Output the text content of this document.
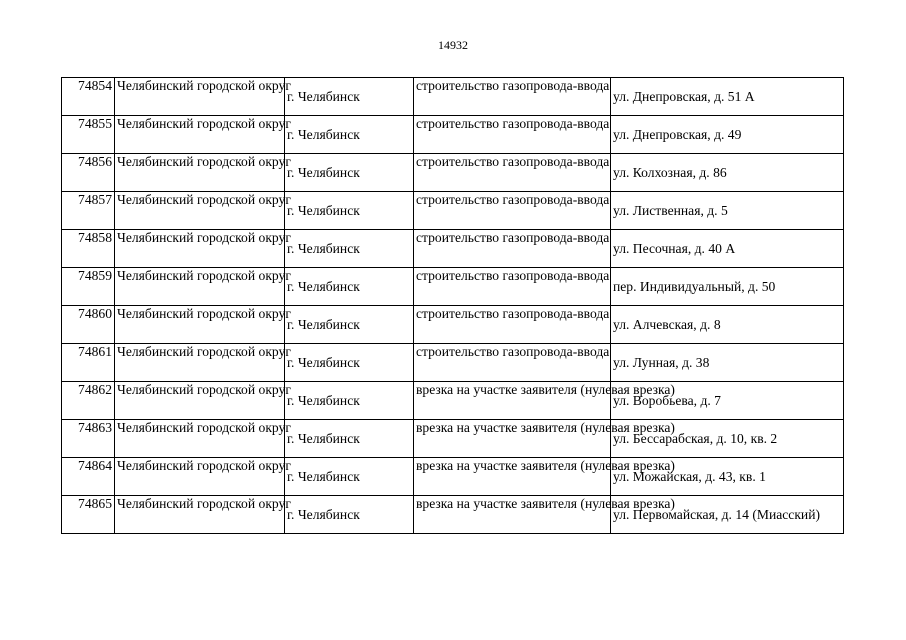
14932
74854	Челябинский городской округ	г. Челябинск	строительство газопровода-ввода	ул. Днепровская, д. 51 А
74855	Челябинский городской округ	г. Челябинск	строительство газопровода-ввода	ул. Днепровская, д. 49
74856	Челябинский городской округ	г. Челябинск	строительство газопровода-ввода	ул. Колхозная, д. 86
74857	Челябинский городской округ	г. Челябинск	строительство газопровода-ввода	ул. Лиственная, д. 5
74858	Челябинский городской округ	г. Челябинск	строительство газопровода-ввода	ул. Песочная, д. 40 А
74859	Челябинский городской округ	г. Челябинск	строительство газопровода-ввода	пер. Индивидуальный, д. 50
74860	Челябинский городской округ	г. Челябинск	строительство газопровода-ввода	ул. Алчевская, д. 8
74861	Челябинский городской округ	г. Челябинск	строительство газопровода-ввода	ул. Лунная, д. 38
74862	Челябинский городской округ	г. Челябинск	врезка на участке заявителя (нулевая врезка)	ул. Воробьева, д. 7
74863	Челябинский городской округ	г. Челябинск	врезка на участке заявителя (нулевая врезка)	ул. Бессарабская, д. 10, кв. 2
74864	Челябинский городской округ	г. Челябинск	врезка на участке заявителя (нулевая врезка)	ул. Можайская, д. 43, кв. 1
74865	Челябинский городской округ	г. Челябинск	врезка на участке заявителя (нулевая врезка)	ул. Первомайская, д. 14 (Миасский)
